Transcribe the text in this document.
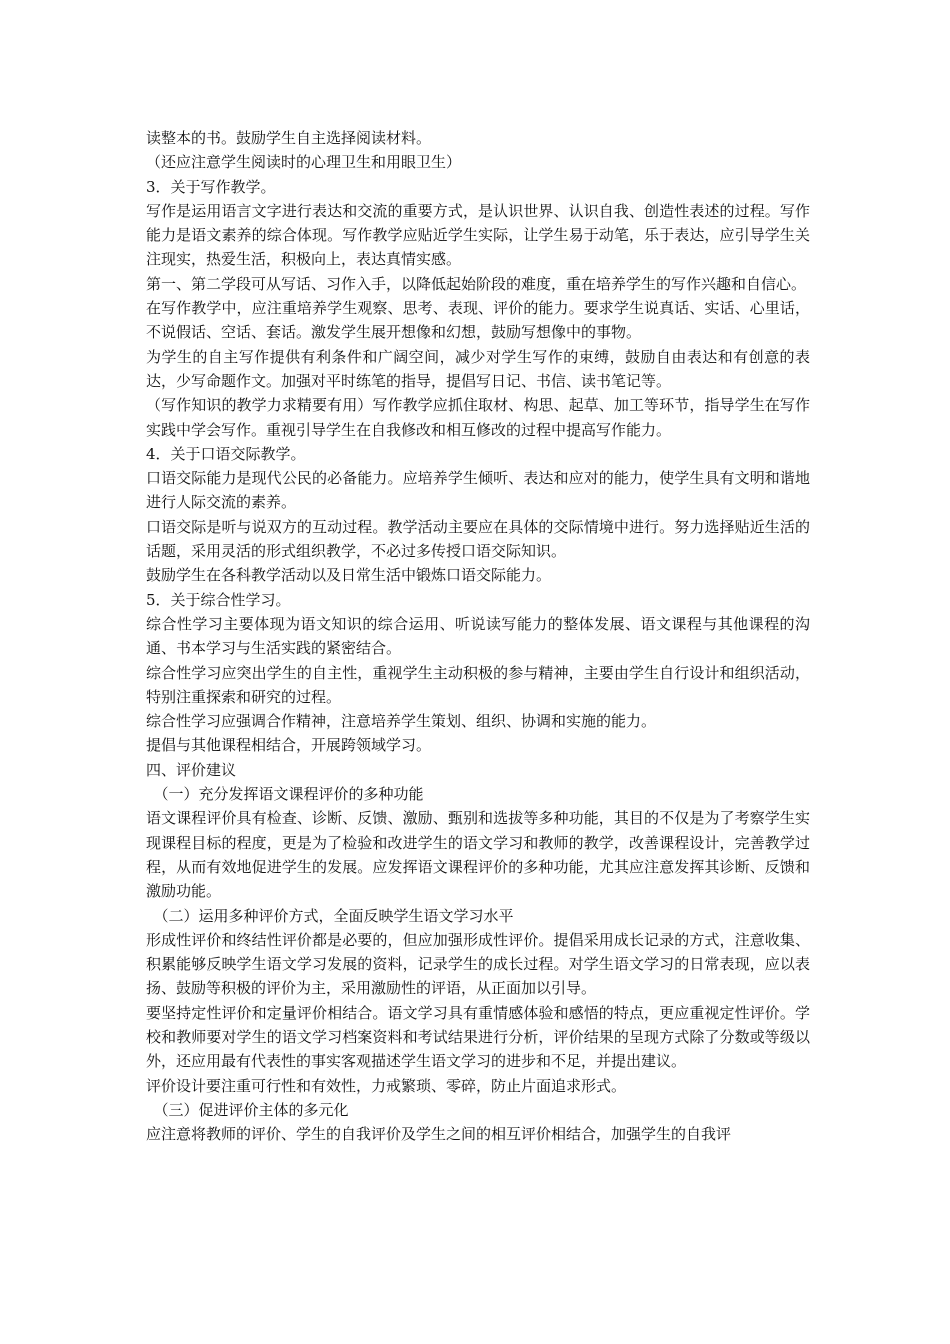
读整本的书。鼓励学生自主选择阅读材料。

（还应注意学生阅读时的心理卫生和用眼卫生）

3．关于写作教学。

写作是运用语言文字进行表达和交流的重要方式，是认识世界、认识自我、创造性表述的过程。写作能力是语文素养的综合体现。写作教学应贴近学生实际，让学生易于动笔，乐于表达，应引导学生关注现实，热爱生活，积极向上，表达真情实感。

第一、第二学段可从写话、习作入手，以降低起始阶段的难度，重在培养学生的写作兴趣和自信心。

在写作教学中，应注重培养学生观察、思考、表现、评价的能力。要求学生说真话、实话、心里话，不说假话、空话、套话。激发学生展开想像和幻想，鼓励写想像中的事物。

为学生的自主写作提供有利条件和广阔空间，减少对学生写作的束缚，鼓励自由表达和有创意的表达，少写命题作文。加强对平时练笔的指导，提倡写日记、书信、读书笔记等。

（写作知识的教学力求精要有用）写作教学应抓住取材、构思、起草、加工等环节，指导学生在写作实践中学会写作。重视引导学生在自我修改和相互修改的过程中提高写作能力。

4．关于口语交际教学。

口语交际能力是现代公民的必备能力。应培养学生倾听、表达和应对的能力，使学生具有文明和谐地进行人际交流的素养。

口语交际是听与说双方的互动过程。教学活动主要应在具体的交际情境中进行。努力选择贴近生活的话题，采用灵活的形式组织教学，不必过多传授口语交际知识。

鼓励学生在各科教学活动以及日常生活中锻炼口语交际能力。

5．关于综合性学习。

综合性学习主要体现为语文知识的综合运用、听说读写能力的整体发展、语文课程与其他课程的沟通、书本学习与生活实践的紧密结合。

综合性学习应突出学生的自主性，重视学生主动积极的参与精神，主要由学生自行设计和组织活动，特别注重探索和研究的过程。

综合性学习应强调合作精神，注意培养学生策划、组织、协调和实施的能力。

提倡与其他课程相结合，开展跨领域学习。

四、评价建议

　（一）充分发挥语文课程评价的多种功能

语文课程评价具有检查、诊断、反馈、激励、甄别和选拔等多种功能，其目的不仅是为了考察学生实现课程目标的程度，更是为了检验和改进学生的语文学习和教师的教学，改善课程设计，完善教学过程，从而有效地促进学生的发展。应发挥语文课程评价的多种功能，尤其应注意发挥其诊断、反馈和激励功能。

　（二）运用多种评价方式，全面反映学生语文学习水平

形成性评价和终结性评价都是必要的，但应加强形成性评价。提倡采用成长记录的方式，注意收集、积累能够反映学生语文学习发展的资料，记录学生的成长过程。对学生语文学习的日常表现，应以表扬、鼓励等积极的评价为主，采用激励性的评语，从正面加以引导。

要坚持定性评价和定量评价相结合。语文学习具有重情感体验和感悟的特点，更应重视定性评价。学校和教师要对学生的语文学习档案资料和考试结果进行分析，评价结果的呈现方式除了分数或等级以外，还应用最有代表性的事实客观描述学生语文学习的进步和不足，并提出建议。

评价设计要注重可行性和有效性，力戒繁琐、零碎，防止片面追求形式。

　（三）促进评价主体的多元化

应注意将教师的评价、学生的自我评价及学生之间的相互评价相结合，加强学生的自我评
